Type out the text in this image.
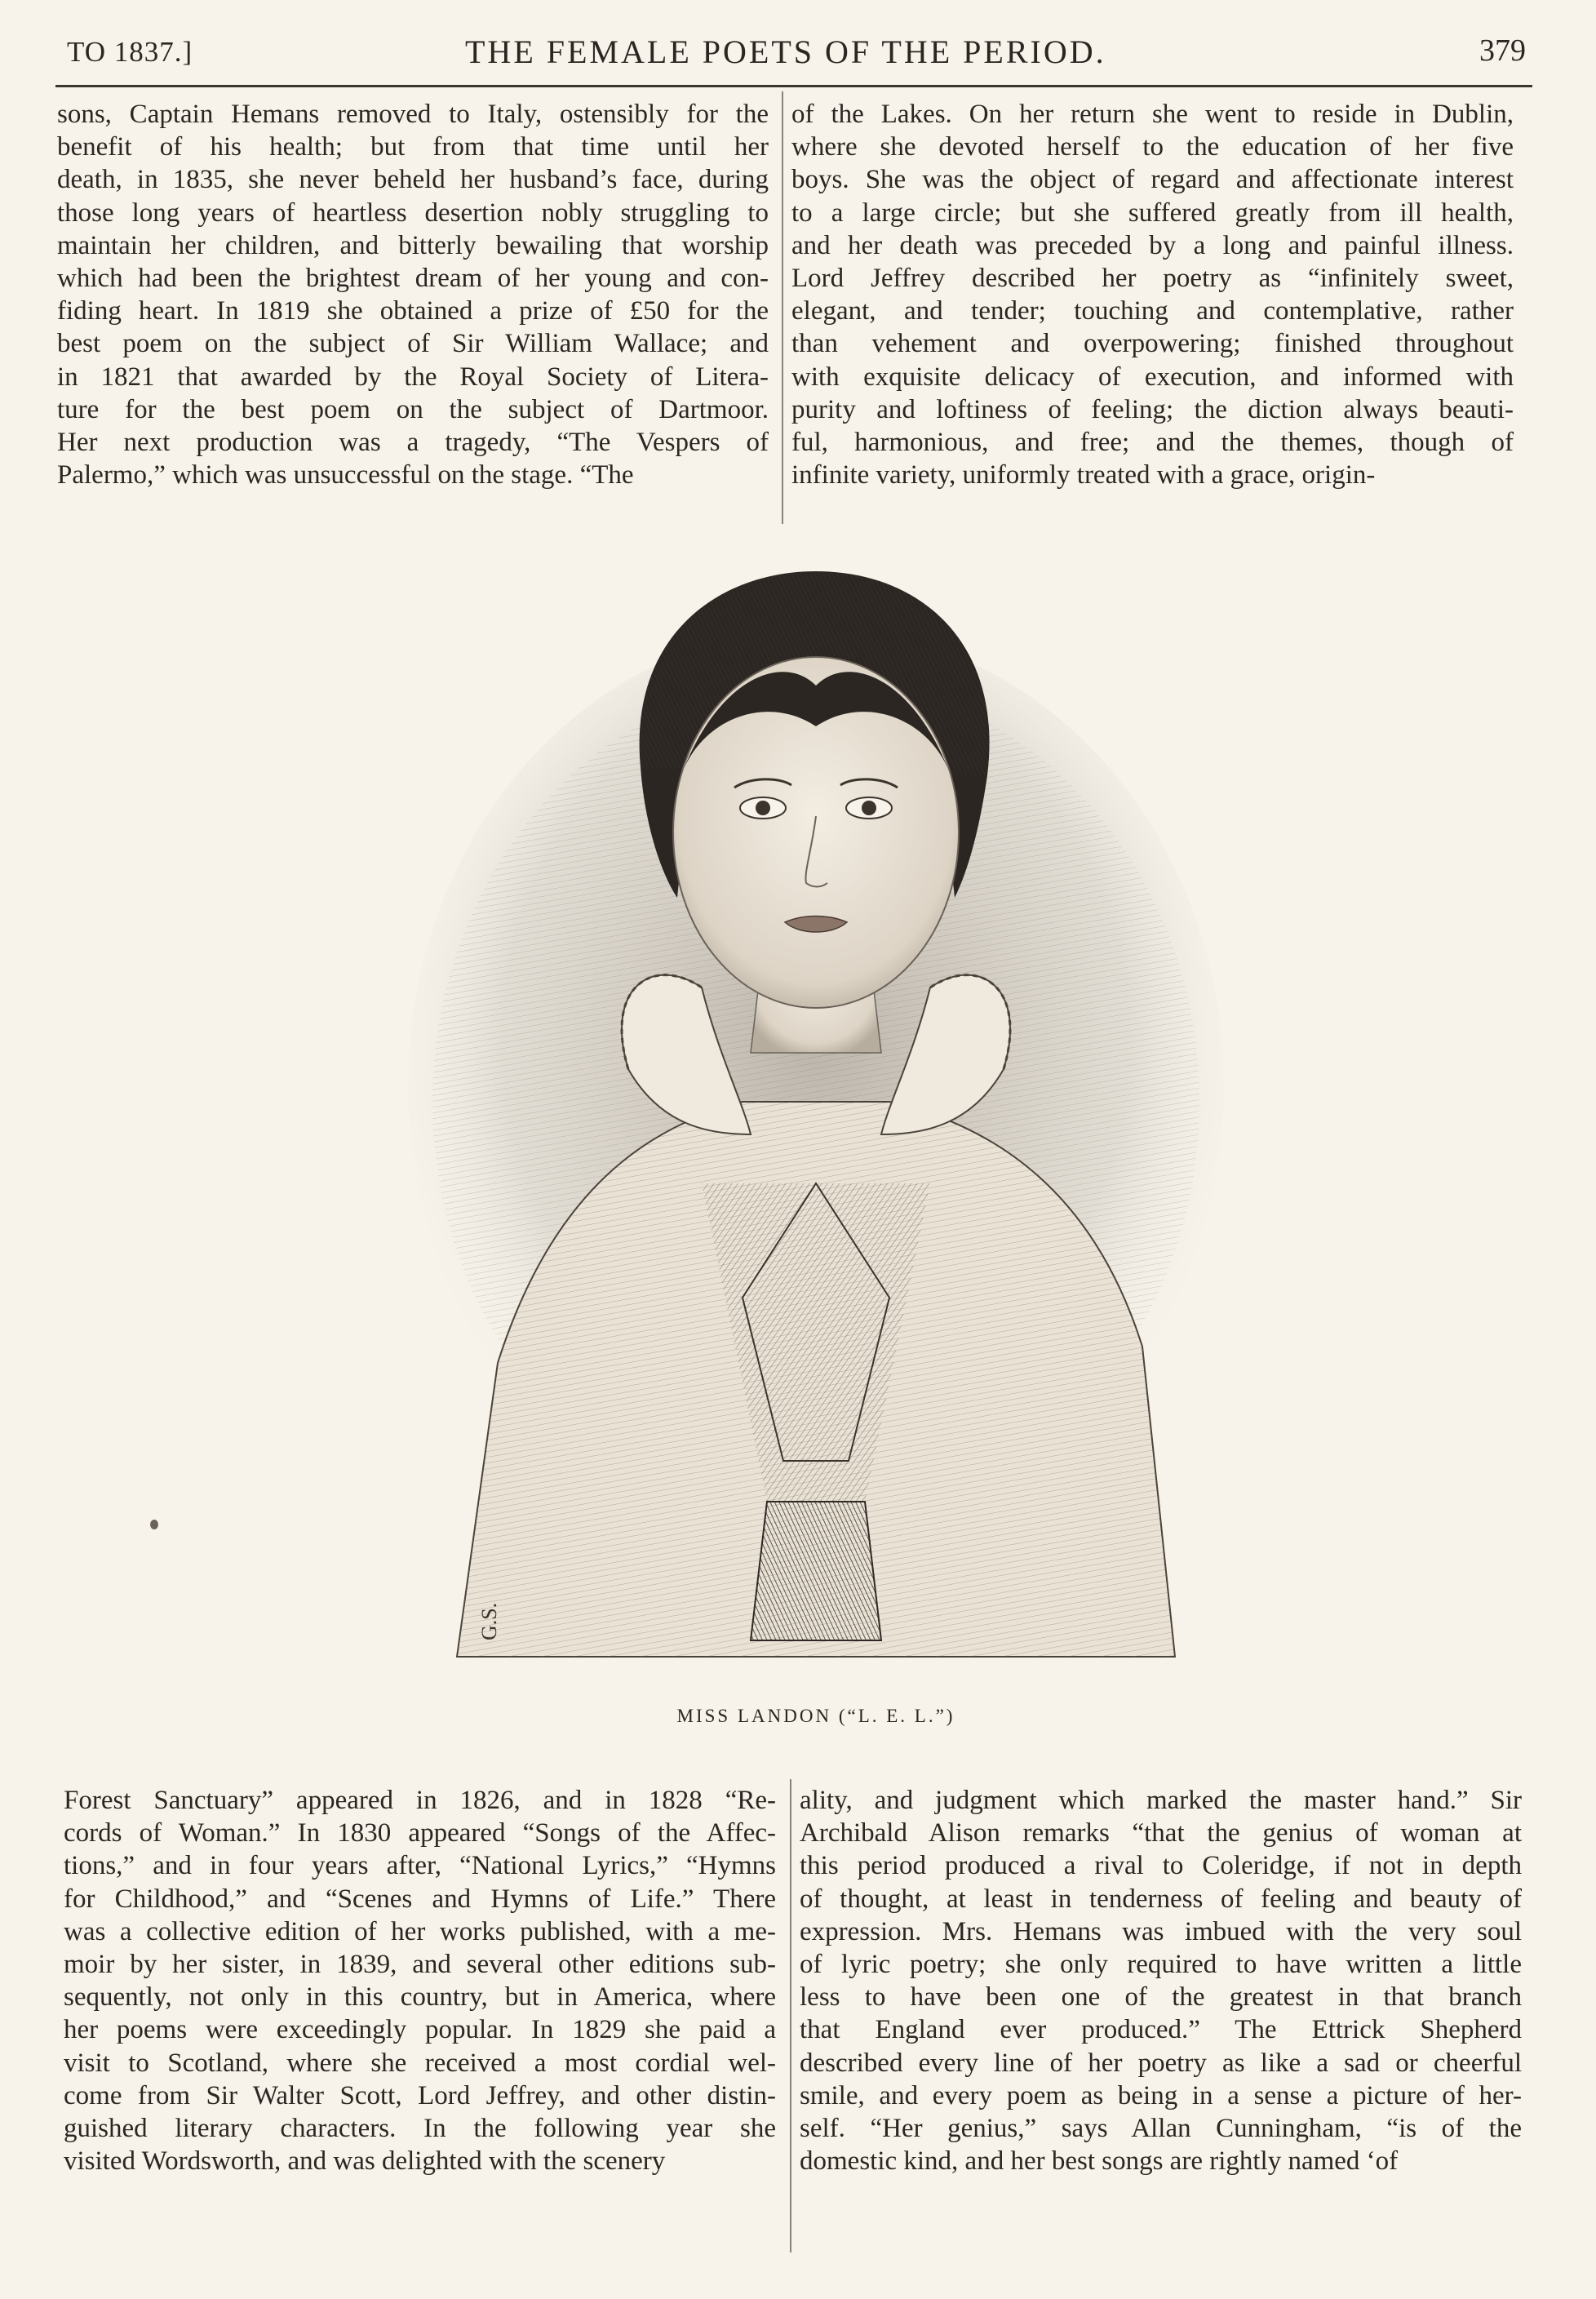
TO 1837.]	THE FEMALE POETS OF THE PERIOD.	379
sons, Captain Hemans removed to Italy, ostensibly for the
benefit of his health; but from that time until her
death, in 1835, she never beheld her husband’s face, during
those long years of heartless desertion nobly struggling to
maintain her children, and bitterly bewailing that worship
which had been the brightest dream of her young and con-
fiding heart. In 1819 she obtained a prize of £50 for the
best poem on the subject of Sir William Wallace; and
in 1821 that awarded by the Royal Society of Litera-
ture for the best poem on the subject of Dartmoor.
Her next production was a tragedy, “The Vespers of
Palermo,” which was unsuccessful on the stage. “The
of the Lakes. On her return she went to reside in Dublin,
where she devoted herself to the education of her five
boys. She was the object of regard and affectionate interest
to a large circle; but she suffered greatly from ill health,
and her death was preceded by a long and painful illness.
Lord Jeffrey described her poetry as “infinitely sweet,
elegant, and tender; touching and contemplative, rather
than vehement and overpowering; finished throughout
with exquisite delicacy of execution, and informed with
purity and loftiness of feeling; the diction always beauti-
ful, harmonious, and free; and the themes, though of
infinite variety, uniformly treated with a grace, origin-
G.S.
MISS LANDON (“L. E. L.”)
Forest Sanctuary” appeared in 1826, and in 1828 “Re-
cords of Woman.” In 1830 appeared “Songs of the Affec-
tions,” and in four years after, “National Lyrics,” “Hymns
for Childhood,” and “Scenes and Hymns of Life.” There
was a collective edition of her works published, with a me-
moir by her sister, in 1839, and several other editions sub-
sequently, not only in this country, but in America, where
her poems were exceedingly popular. In 1829 she paid a
visit to Scotland, where she received a most cordial wel-
come from Sir Walter Scott, Lord Jeffrey, and other distin-
guished literary characters. In the following year she
visited Wordsworth, and was delighted with the scenery
ality, and judgment which marked the master hand.” Sir
Archibald Alison remarks “that the genius of woman at
this period produced a rival to Coleridge, if not in depth
of thought, at least in tenderness of feeling and beauty of
expression. Mrs. Hemans was imbued with the very soul
of lyric poetry; she only required to have written a little
less to have been one of the greatest in that branch
that England ever produced.” The Ettrick Shepherd
described every line of her poetry as like a sad or cheerful
smile, and every poem as being in a sense a picture of her-
self. “Her genius,” says Allan Cunningham, “is of the
domestic kind, and her best songs are rightly named ‘of
